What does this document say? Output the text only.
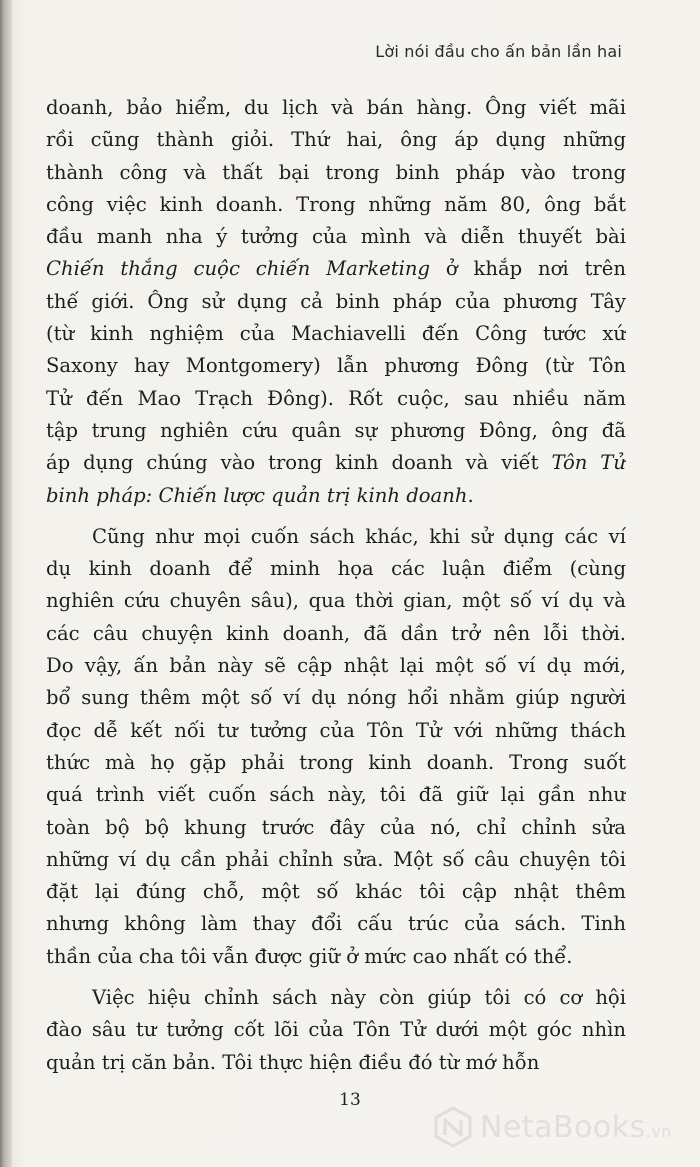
Lời nói đầu cho ấn bản lần hai
doanh, bảo hiểm, du lịch và bán hàng. Ông viết mãi
rồi cũng thành giỏi. Thứ hai, ông áp dụng những
thành công và thất bại trong binh pháp vào trong
công việc kinh doanh. Trong những năm 80, ông bắt
đầu manh nha ý tưởng của mình và diễn thuyết bài
Chiến thắng cuộc chiến Marketing ở khắp nơi trên
thế giới. Ông sử dụng cả binh pháp của phương Tây
(từ kinh nghiệm của Machiavelli đến Công tước xứ
Saxony hay Montgomery) lẫn phương Đông (từ Tôn
Tử đến Mao Trạch Đông). Rốt cuộc, sau nhiều năm
tập trung nghiên cứu quân sự phương Đông, ông đã
áp dụng chúng vào trong kinh doanh và viết Tôn Tử
binh pháp: Chiến lược quản trị kinh doanh.
Cũng như mọi cuốn sách khác, khi sử dụng các ví
dụ kinh doanh để minh họa các luận điểm (cùng
nghiên cứu chuyên sâu), qua thời gian, một số ví dụ và
các câu chuyện kinh doanh, đã dần trở nên lỗi thời.
Do vậy, ấn bản này sẽ cập nhật lại một số ví dụ mới,
bổ sung thêm một số ví dụ nóng hổi nhằm giúp người
đọc dễ kết nối tư tưởng của Tôn Tử với những thách
thức mà họ gặp phải trong kinh doanh. Trong suốt
quá trình viết cuốn sách này, tôi đã giữ lại gần như
toàn bộ bộ khung trước đây của nó, chỉ chỉnh sửa
những ví dụ cần phải chỉnh sửa. Một số câu chuyện tôi
đặt lại đúng chỗ, một số khác tôi cập nhật thêm
nhưng không làm thay đổi cấu trúc của sách. Tinh
thần của cha tôi vẫn được giữ ở mức cao nhất có thể.
Việc hiệu chỉnh sách này còn giúp tôi có cơ hội
đào sâu tư tưởng cốt lõi của Tôn Tử dưới một góc nhìn
quản trị căn bản. Tôi thực hiện điều đó từ mớ hỗn
13
NetaBooks.vn
